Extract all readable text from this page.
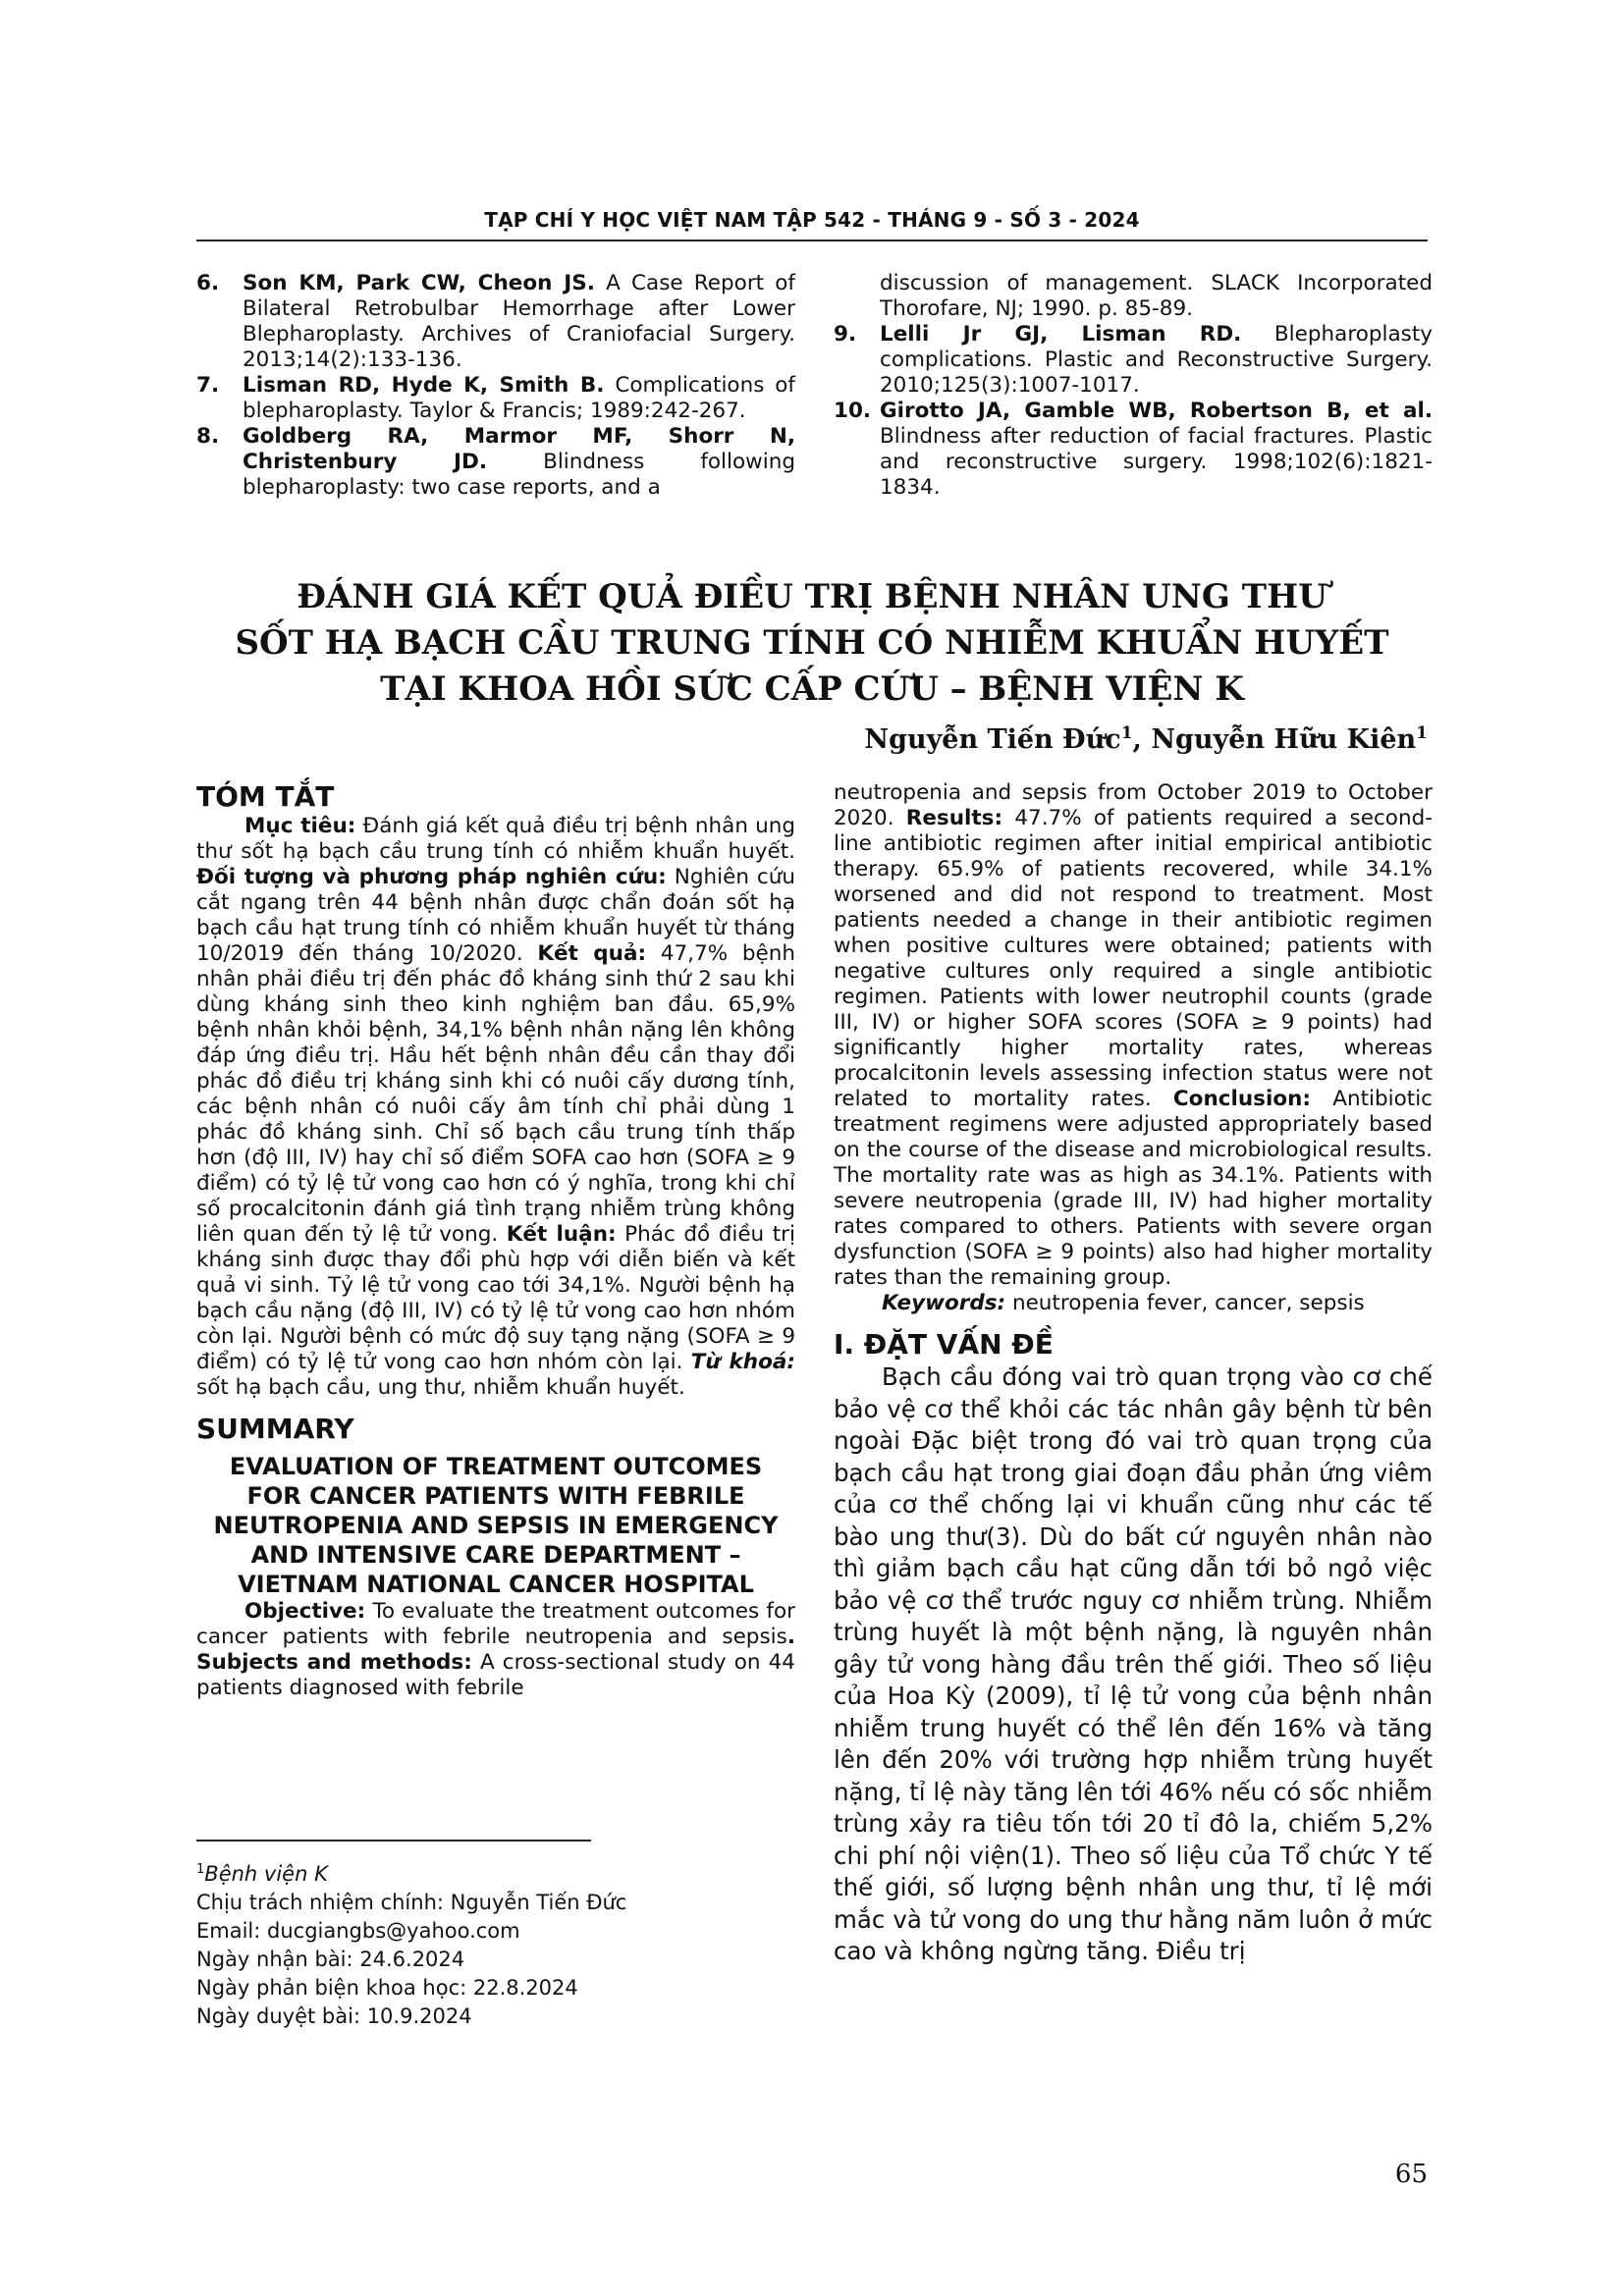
TẠP CHÍ Y HỌC VIỆT NAM TẬP 542 - THÁNG 9 - SỐ 3 - 2024
6.	Son KM, Park CW, Cheon JS. A Case Report of Bilateral Retrobulbar Hemorrhage after Lower Blepharoplasty. Archives of Craniofacial Surgery. 2013;14(2):133-136.
7.	Lisman RD, Hyde K, Smith B. Complications of blepharoplasty. Taylor & Francis; 1989:242-267.
8.	Goldberg RA, Marmor MF, Shorr N, Christenbury JD. Blindness following blepharoplasty: two case reports, and a
discussion of management. SLACK Incorporated Thorofare, NJ; 1990. p. 85-89.
9.	Lelli Jr GJ, Lisman RD. Blepharoplasty complications. Plastic and Reconstructive Surgery. 2010;125(3):1007-1017.
10. Girotto JA, Gamble WB, Robertson B, et al. Blindness after reduction of facial fractures. Plastic and reconstructive surgery. 1998;102(6):1821-1834.
ĐÁNH GIÁ KẾT QUẢ ĐIỀU TRỊ BỆNH NHÂN UNG THƯ
SỐT HẠ BẠCH CẦU TRUNG TÍNH CÓ NHIỄM KHUẨN HUYẾT
TẠI KHOA HỒI SỨC CẤP CỨU – BỆNH VIỆN K
Nguyễn Tiến Đức$^1$, Nguyễn Hữu Kiên$^1$
TÓM TẮT

Mục tiêu: Đánh giá kết quả điều trị bệnh nhân ung thư sốt hạ bạch cầu trung tính có nhiễm khuẩn huyết. Đối tượng và phương pháp nghiên cứu: Nghiên cứu cắt ngang trên 44 bệnh nhân được chẩn đoán sốt hạ bạch cầu hạt trung tính có nhiễm khuẩn huyết từ tháng 10/2019 đến tháng 10/2020. Kết quả: 47,7% bệnh nhân phải điều trị đến phác đồ kháng sinh thứ 2 sau khi dùng kháng sinh theo kinh nghiệm ban đầu. 65,9% bệnh nhân khỏi bệnh, 34,1% bệnh nhân nặng lên không đáp ứng điều trị. Hầu hết bệnh nhân đều cần thay đổi phác đồ điều trị kháng sinh khi có nuôi cấy dương tính, các bệnh nhân có nuôi cấy âm tính chỉ phải dùng 1 phác đồ kháng sinh. Chỉ số bạch cầu trung tính thấp hơn (độ III, IV) hay chỉ số điểm SOFA cao hơn (SOFA ≥ 9 điểm) có tỷ lệ tử vong cao hơn có ý nghĩa, trong khi chỉ số procalcitonin đánh giá tình trạng nhiễm trùng không liên quan đến tỷ lệ tử vong. Kết luận: Phác đồ điều trị kháng sinh được thay đổi phù hợp với diễn biến và kết quả vi sinh. Tỷ lệ tử vong cao tới 34,1%. Người bệnh hạ bạch cầu nặng (độ III, IV) có tỷ lệ tử vong cao hơn nhóm còn lại. Người bệnh có mức độ suy tạng nặng (SOFA ≥ 9 điểm) có tỷ lệ tử vong cao hơn nhóm còn lại. Từ khoá: sốt hạ bạch cầu, ung thư, nhiễm khuẩn huyết.

SUMMARY
EVALUATION OF TREATMENT OUTCOMES
FOR CANCER PATIENTS WITH FEBRILE
NEUTROPENIA AND SEPSIS IN EMERGENCY
AND INTENSIVE CARE DEPARTMENT –
VIETNAM NATIONAL CANCER HOSPITAL

Objective: To evaluate the treatment outcomes for cancer patients with febrile neutropenia and sepsis. Subjects and methods: A cross-sectional study on 44 patients diagnosed with febrile

neutropenia and sepsis from October 2019 to October 2020. Results: 47.7% of patients required a second-line antibiotic regimen after initial empirical antibiotic therapy. 65.9% of patients recovered, while 34.1% worsened and did not respond to treatment. Most patients needed a change in their antibiotic regimen when positive cultures were obtained; patients with negative cultures only required a single antibiotic regimen. Patients with lower neutrophil counts (grade III, IV) or higher SOFA scores (SOFA ≥ 9 points) had significantly higher mortality rates, whereas procalcitonin levels assessing infection status were not related to mortality rates. Conclusion: Antibiotic treatment regimens were adjusted appropriately based on the course of the disease and microbiological results. The mortality rate was as high as 34.1%. Patients with severe neutropenia (grade III, IV) had higher mortality rates compared to others. Patients with severe organ dysfunction (SOFA ≥ 9 points) also had higher mortality rates than the remaining group.

Keywords: neutropenia fever, cancer, sepsis

I. ĐẶT VẤN ĐỀ

Bạch cầu đóng vai trò quan trọng vào cơ chế bảo vệ cơ thể khỏi các tác nhân gây bệnh từ bên ngoài Đặc biệt trong đó vai trò quan trọng của bạch cầu hạt trong giai đoạn đầu phản ứng viêm của cơ thể chống lại vi khuẩn cũng như các tế bào ung thư(3). Dù do bất cứ nguyên nhân nào thì giảm bạch cầu hạt cũng dẫn tới bỏ ngỏ việc bảo vệ cơ thể trước nguy cơ nhiễm trùng. Nhiễm trùng huyết là một bệnh nặng, là nguyên nhân gây tử vong hàng đầu trên thế giới. Theo số liệu của Hoa Kỳ (2009), tỉ lệ tử vong của bệnh nhân nhiễm trung huyết có thể lên đến 16% và tăng lên đến 20% với trường hợp nhiễm trùng huyết nặng, tỉ lệ này tăng lên tới 46% nếu có sốc nhiễm trùng xảy ra tiêu tốn tới 20 tỉ đô la, chiếm 5,2% chi phí nội viện(1). Theo số liệu của Tổ chức Y tế thế giới, số lượng bệnh nhân ung thư, tỉ lệ mới mắc và tử vong do ung thư hằng năm luôn ở mức cao và không ngừng tăng. Điều trị

$^1$Bệnh viện K
Chịu trách nhiệm chính: Nguyễn Tiến Đức
Email: ducgiangbs@yahoo.com
Ngày nhận bài: 24.6.2024
Ngày phản biện khoa học: 22.8.2024
Ngày duyệt bài: 10.9.2024
65
